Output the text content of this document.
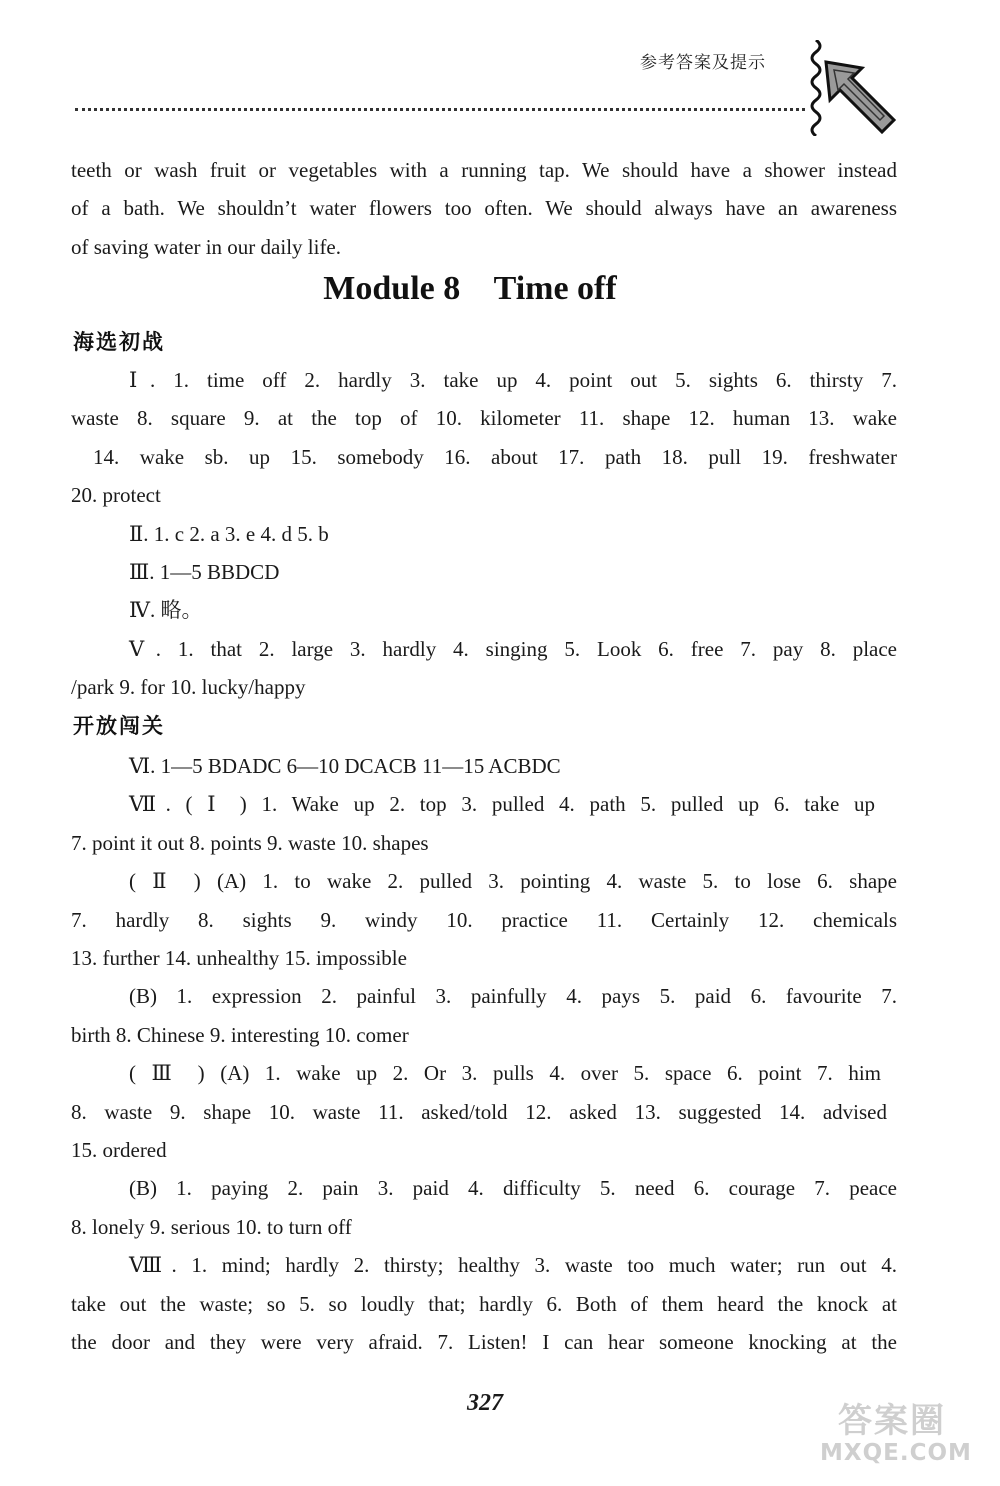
参考答案及提示
teeth or wash fruit or vegetables with a running tap. We should have a shower instead
of a bath. We shouldn’t water flowers too often. We should always have an awareness
of saving water in our daily life.
Module 8    Time off
海选初战
Ⅰ. 1. time off 2. hardly 3. take up 4. point out 5. sights 6. thirsty 7.
waste 8. square 9. at the top of 10. kilometer 11. shape 12. human 13. wake
14. wake sb. up 15. somebody 16. about 17. path 18. pull 19. freshwater
20. protect
Ⅱ. 1. c 2. a 3. e 4. d 5. b
Ⅲ. 1—5 BBDCD
Ⅳ. 略。
Ⅴ. 1. that 2. large 3. hardly 4. singing 5. Look 6. free 7. pay 8. place
/park 9. for 10. lucky/happy
开放闯关
Ⅵ. 1—5 BDADC 6—10 DCACB 11—15 ACBDC
Ⅶ. ( Ⅰ ) 1. Wake up 2. top 3. pulled 4. path 5. pulled up 6. take up
7. point it out 8. points 9. waste 10. shapes
( Ⅱ ) (A) 1. to wake 2. pulled 3. pointing 4. waste 5. to lose 6. shape
7. hardly 8. sights 9. windy 10. practice 11. Certainly 12. chemicals
13. further 14. unhealthy 15. impossible
(B) 1. expression 2. painful 3. painfully 4. pays 5. paid 6. favourite 7.
birth 8. Chinese 9. interesting 10. comer
( Ⅲ ) (A) 1. wake up 2. Or 3. pulls 4. over 5. space 6. point 7. him
8. waste 9. shape 10. waste 11. asked/told 12. asked 13. suggested 14. advised
15. ordered
(B) 1. paying 2. pain 3. paid 4. difficulty 5. need 6. courage 7. peace
8. lonely 9. serious 10. to turn off
Ⅷ. 1. mind; hardly 2. thirsty; healthy 3. waste too much water; run out 4.
take out the waste; so 5. so loudly that; hardly 6. Both of them heard the knock at
the door and they were very afraid. 7. Listen! I can hear someone knocking at the
327	答案圈
MXQE.COM
